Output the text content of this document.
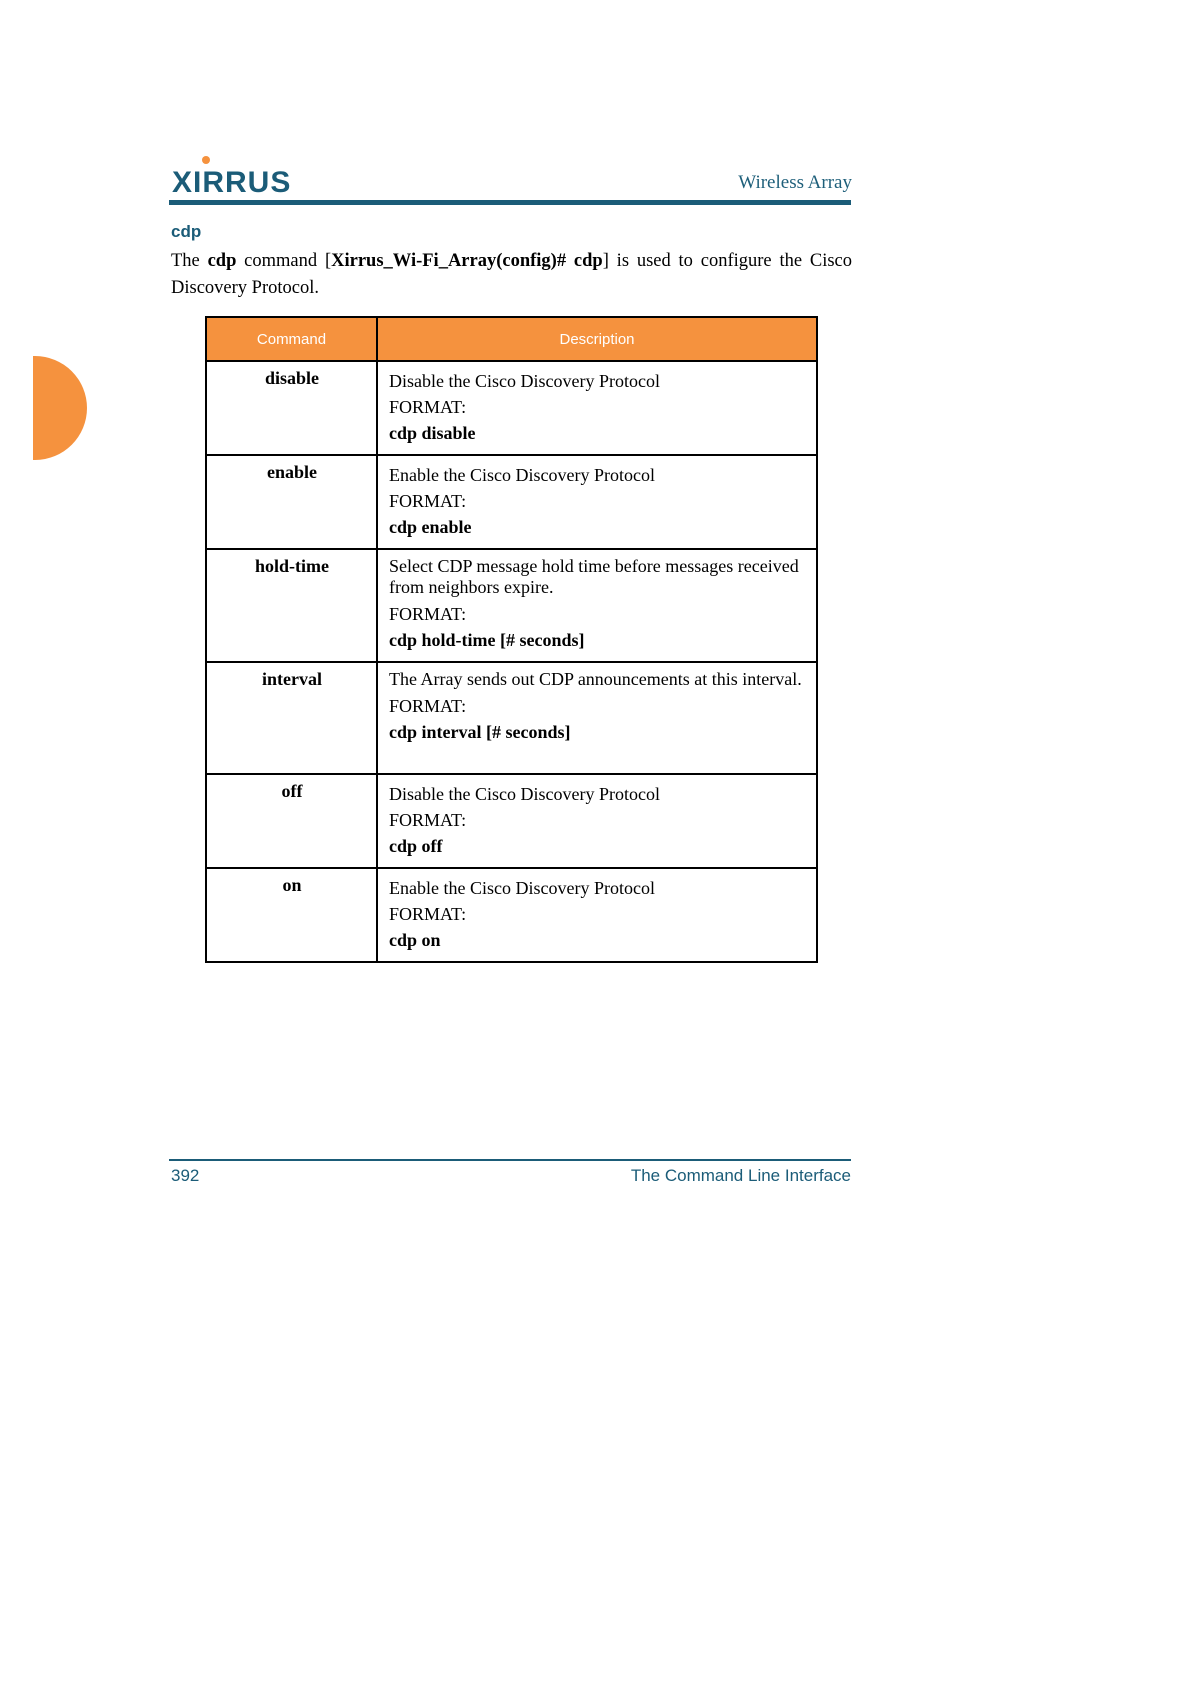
XIRRUS	Wireless Array
cdp
The cdp command [Xirrus_Wi-Fi_Array(config)# cdp] is used to configure the Cisco Discovery Protocol.
Command	Description
disable	Disable the Cisco Discovery Protocol
FORMAT:
cdp disable

enable	Enable the Cisco Discovery Protocol
FORMAT:
cdp enable

hold-time	Select CDP message hold time before messages received from neighbors expire.
FORMAT:
cdp hold-time [# seconds]

interval	The Array sends out CDP announcements at this interval.
FORMAT:
cdp interval [# seconds]

off	Disable the Cisco Discovery Protocol
FORMAT:
cdp off

on	Enable the Cisco Discovery Protocol
FORMAT:
cdp on
392	The Command Line Interface
